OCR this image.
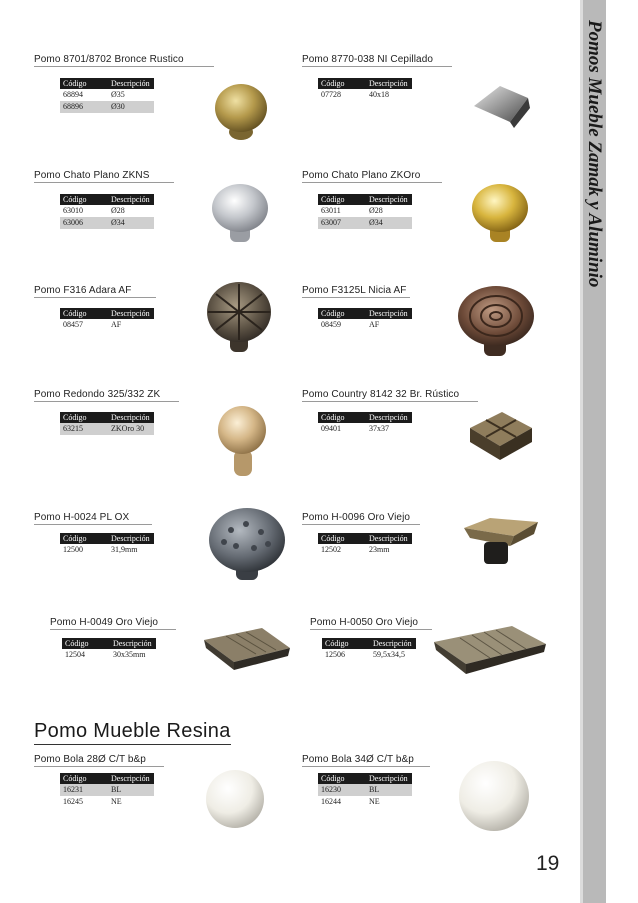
Pomos Mueble Zamak y Aluminio
Pomo 8701/8702 Bronce Rustico
Código	Descripción
68894	Ø35
68896	Ø30
Pomo 8770-038 NI Cepillado
Código	Descripción
07728	40x18
Pomo Chato Plano ZKNS
Código	Descripción
63010	Ø28
63006	Ø34
Pomo Chato Plano ZKOro
Código	Descripción
63011	Ø28
63007	Ø34
Pomo F316 Adara AF
Código	Descripción
08457	AF
Pomo F3125L Nicia AF
Código	Descripción
08459	AF
Pomo Redondo 325/332 ZK
Código	Descripción
63215	ZKOro 30
Pomo Country 8142 32 Br. Rústico
Código	Descripción
09401	37x37
Pomo H-0024 PL OX
Código	Descripción
12500	31,9mm
Pomo H-0096 Oro Viejo
Código	Descripción
12502	23mm
Pomo H-0049 Oro Viejo
Código	Descripción
12504	30x35mm
Pomo H-0050 Oro Viejo
Código	Descripción
12506	59,5x34,5
Pomo Mueble Resina
Pomo Bola 28Ø C/T b&p
Código	Descripción
16231	BL
16245	NE
Pomo Bola 34Ø C/T b&p
Código	Descripción
16230	BL
16244	NE
19
